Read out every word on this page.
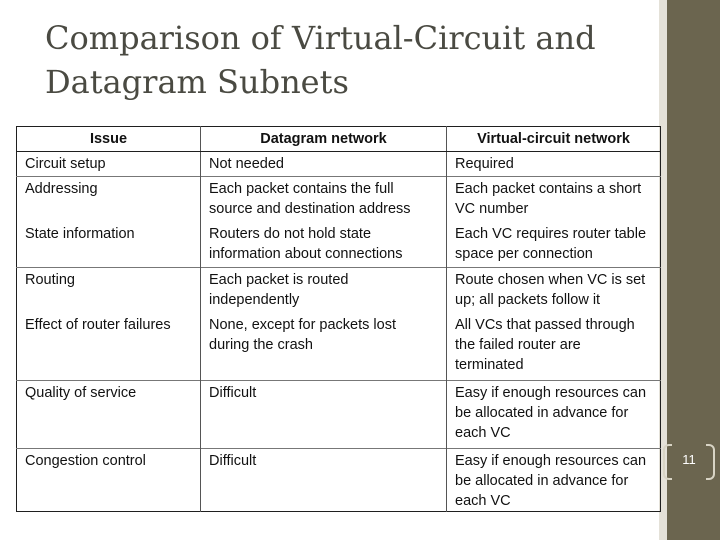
Comparison of Virtual-Circuit and Datagram Subnets
11
Issue	Datagram network	Virtual-circuit network
Circuit setup	Not needed	Required
Addressing	Each packet contains the full source and destination address	Each packet contains a short VC number
State information	Routers do not hold state information about connections	Each VC requires router table space per connection
Routing	Each packet is routed independently	Route chosen when VC is set up; all packets follow it
Effect of router failures	None, except for packets lost during the crash	All VCs that passed through the failed router are terminated
Quality of service	Difficult	Easy if enough resources can be allocated in advance for each VC
Congestion control	Difficult	Easy if enough resources can be allocated in advance for each VC
